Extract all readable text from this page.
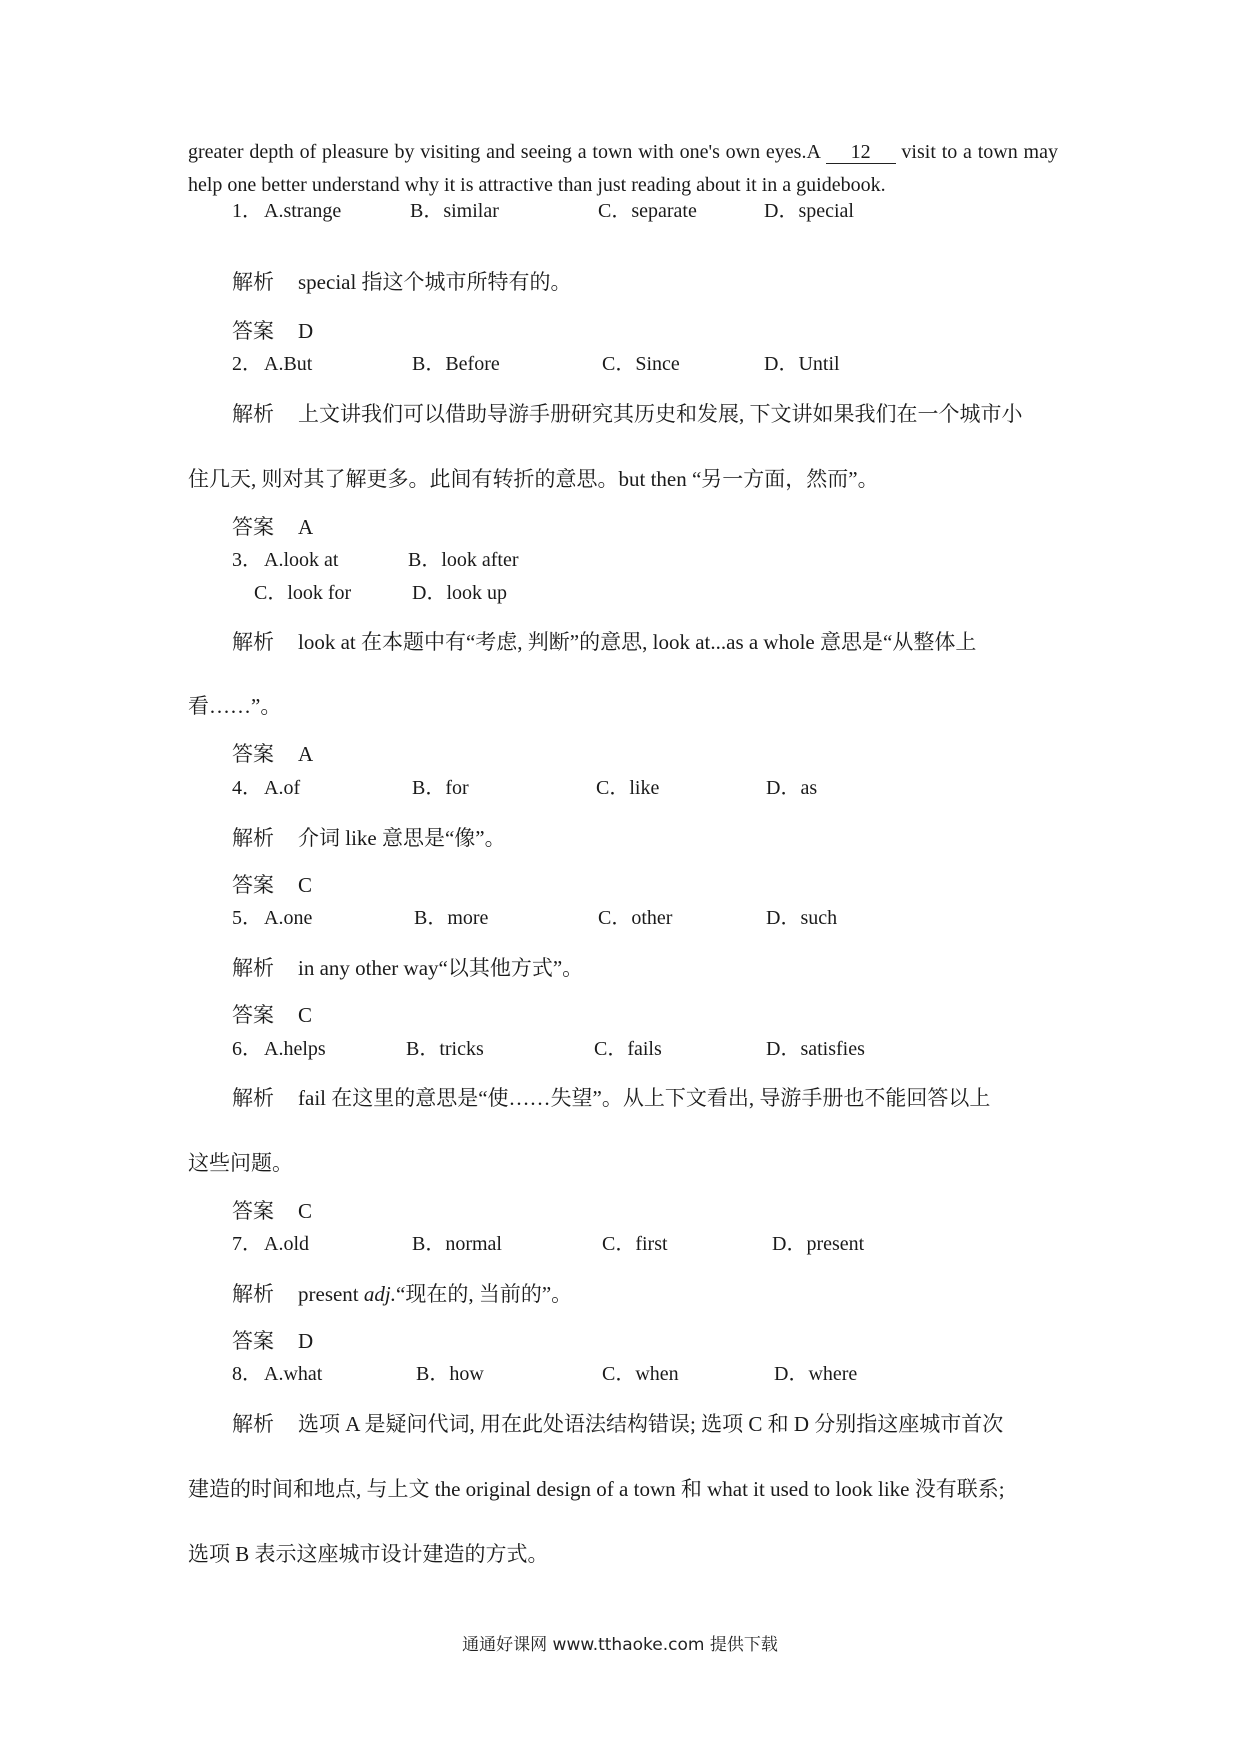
greater depth of pleasure by visiting and seeing a town with one's own eyes.A 12 visit to a town may help one better understand why it is attractive than just reading about it in a guidebook.
1． A.strange	B．similar	C．separate	D．special
解析 special 指这个城市所特有的。
答案 D
2． A.But	B．Before	C．Since	D．Until
解析 上文讲我们可以借助导游手册研究其历史和发展, 下文讲如果我们在一个城市小
住几天, 则对其了解更多。此间有转折的意思。but then “另一方面，然而”。
答案 A
3． A.look at	B．look after
C．look for	D．look up
解析 look at 在本题中有“考虑, 判断”的意思, look at...as a whole 意思是“从整体上
看……”。
答案 A
4． A.of	B．for	C．like	D．as
解析 介词 like 意思是“像”。
答案 C
5． A.one	B．more	C．other	D．such
解析 in any other way“以其他方式”。
答案 C
6． A.helps	B．tricks	C．fails	D．satisfies
解析 fail 在这里的意思是“使……失望”。从上下文看出, 导游手册也不能回答以上
这些问题。
答案 C
7． A.old	B．normal	C．first	D．present
解析 present adj.“现在的, 当前的”。
答案 D
8． A.what	B．how	C．when	D．where
解析 选项 A 是疑问代词, 用在此处语法结构错误; 选项 C 和 D 分别指这座城市首次
建造的时间和地点, 与上文 the original design of a town 和 what it used to look like 没有联系;
选项 B 表示这座城市设计建造的方式。
通通好课网 www.tthaoke.com 提供下载
